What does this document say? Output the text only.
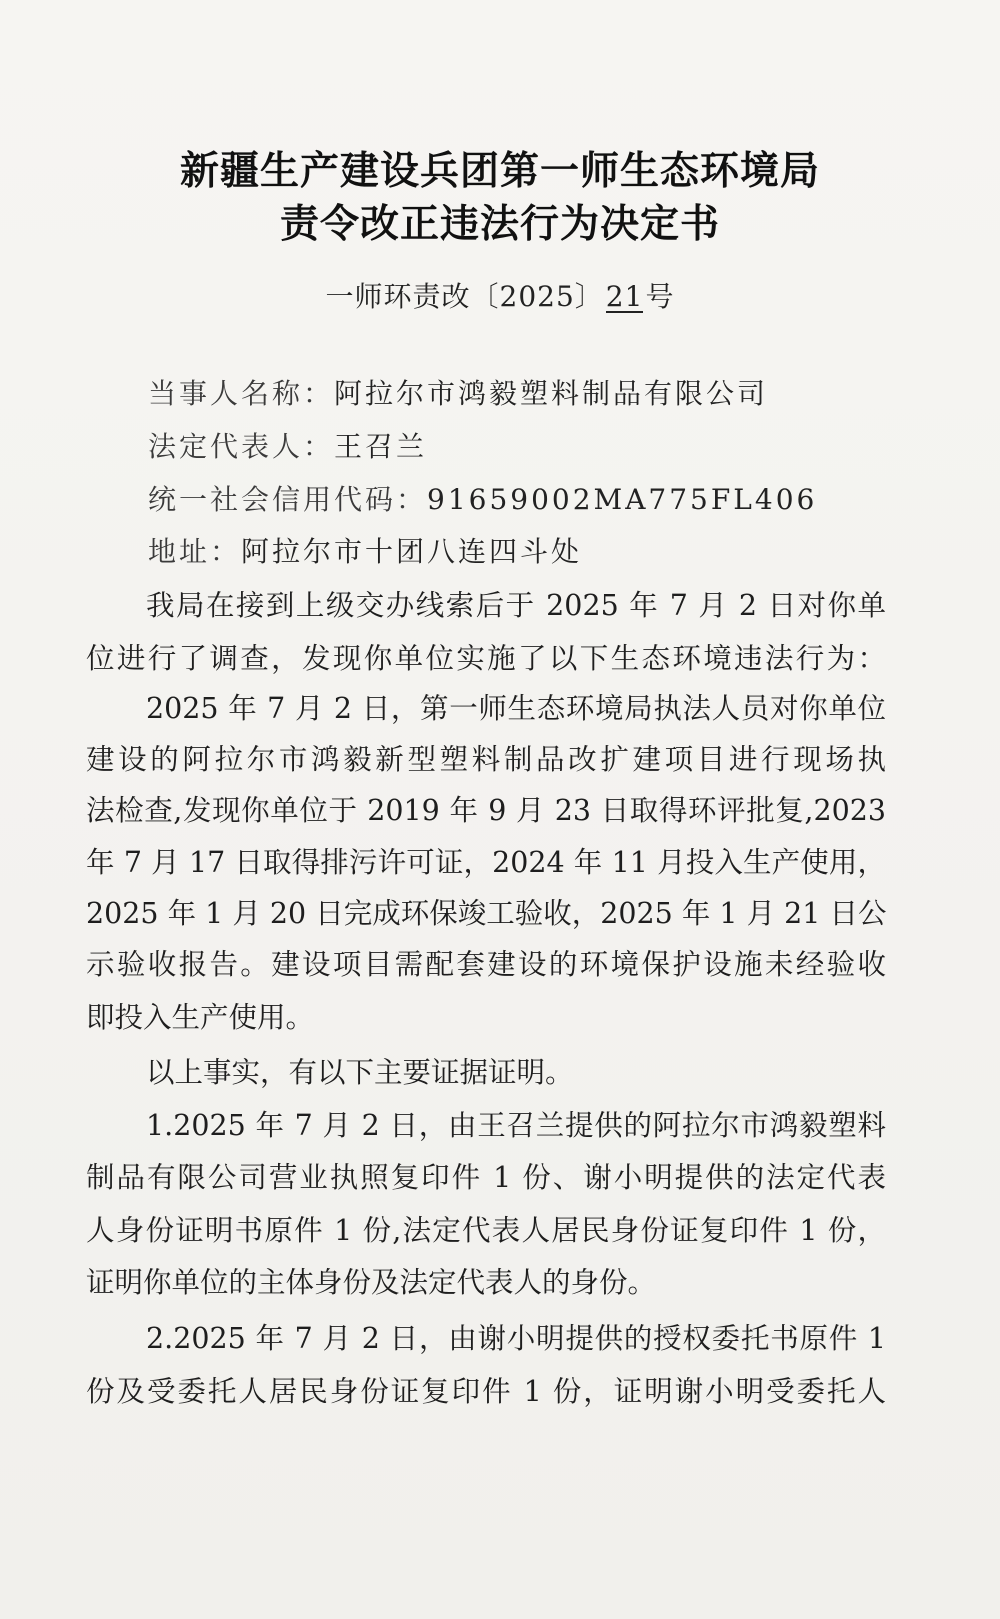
新疆生产建设兵团第一师生态环境局
责令改正违法行为决定书
一师环责改〔2025〕21号
当事人名称：阿拉尔市鸿毅塑料制品有限公司
法定代表人：王召兰
统一社会信用代码：91659002MA775FL406
地址：阿拉尔市十团八连四斗处
我局在接到上级交办线索后于 2025 年 7 月 2 日对你单
位进行了调查，发现你单位实施了以下生态环境违法行为：
2025 年 7 月 2 日，第一师生态环境局执法人员对你单位
建设的阿拉尔市鸿毅新型塑料制品改扩建项目进行现场执
法检查,发现你单位于 2019 年 9 月 23 日取得环评批复,2023
年 7 月 17 日取得排污许可证，2024 年 11 月投入生产使用，
2025 年 1 月 20 日完成环保竣工验收，2025 年 1 月 21 日公
示验收报告。建设项目需配套建设的环境保护设施未经验收
即投入生产使用。
以上事实，有以下主要证据证明。
1.2025 年 7 月 2 日，由王召兰提供的阿拉尔市鸿毅塑料
制品有限公司营业执照复印件 1 份、谢小明提供的法定代表
人身份证明书原件 1 份,法定代表人居民身份证复印件 1 份，
证明你单位的主体身份及法定代表人的身份。
2.2025 年 7 月 2 日，由谢小明提供的授权委托书原件 1
份及受委托人居民身份证复印件 1 份，证明谢小明受委托人
